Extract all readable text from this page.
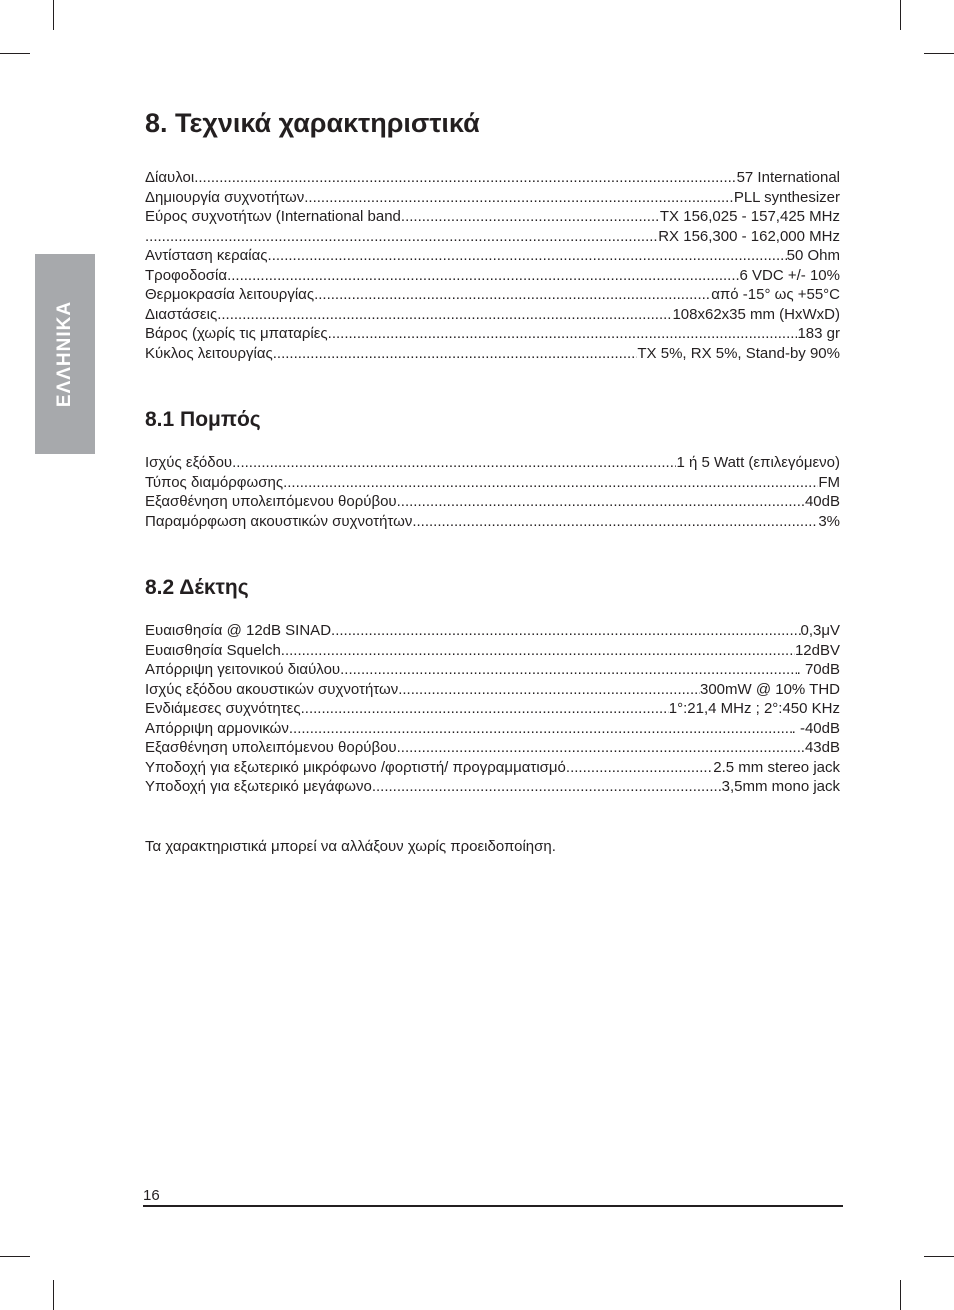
ΕΛΛΗΝΙΚΑ
8. Τεχνικά χαρακτηριστικά
Δίαυλοι .....	57 International
Δημιουργία συχνοτήτων .....	PLL synthesizer
Εύρος συχνοτήτων (International band .....	TX 156,025 - 157,425 MHz
.....
RX 156,300 - 162,000 MHz
Αντίσταση κεραίας .....	50 Ohm
Τροφοδοσία .....	6 VDC +/- 10%
Θερμοκρασία λειτουργίας .....	από -15° ως +55°C
Διαστάσεις .....	108x62x35 mm (HxWxD)
Βάρος (χωρίς τις μπαταρίες .....	183 gr
Κύκλος λειτουργίας .....	TX 5%, RX 5%, Stand-by 90%
8.1 Πομπός
Ισχύς εξόδου .....	1 ή 5 Watt (επιλεγόμενο)
Τύπος διαμόρφωσης .....	FM
Εξασθένηση υπολειπόμενου θορύβου .....	40dB
Παραμόρφωση ακουστικών συχνοτήτων .....	3%
8.2 Δέκτης
Ευαισθησία @ 12dB SINAD .....	0,3μV
Ευαισθησία Squelch .....	12dBV
Απόρριψη γειτονικού διαύλου .....	. 70dB
Ισχύς εξόδου ακουστικών συχνοτήτων .....	300mW @ 10% THD
Ενδιάμεσες συχνότητες .....	1°:21,4 MHz ; 2°:450 KHz
Απόρριψη αρμονικών .....	. -40dB
Εξασθένηση υπολειπόμενου θορύβου .....	.43dB
Υποδοχή για εξωτερικό μικρόφωνο /φορτιστή/ προγραμματισμό .....	2.5 mm stereo jack
Υποδοχή για εξωτερικό μεγάφωνο .....	3,5mm mono jack

Τα χαρακτηριστικά μπορεί να αλλάξουν χωρίς προειδοποίηση.

16
